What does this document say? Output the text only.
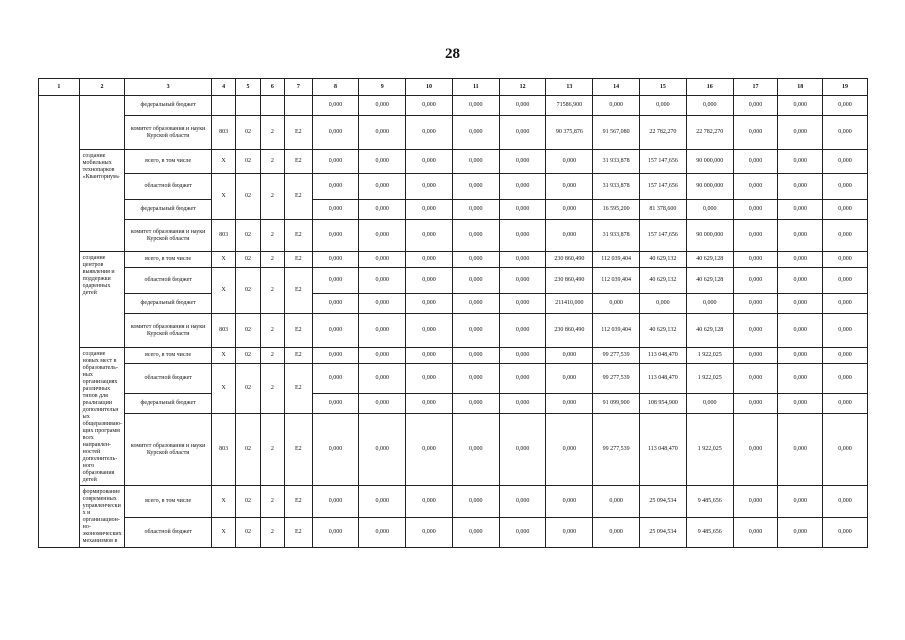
28
1	2	3	4	5	6	7	8	9	10	11	12	13	14	15	16	17	18	19
		федеральный бюджет					0,000	0,000	0,000	0,000	0,000	71586,900	0,000	0,000	0,000	0,000	0,000	0,000
		комитет образования и науки Курской области	803	02	2	E2	0,000	0,000	0,000	0,000	0,000	90 375,876	91 567,080	22 782,270	22 782,270	0,000	0,000	0,000
	создание мобильных технопарков «Кванториум»	всего, в том числе	X	02	2	E2	0,000	0,000	0,000	0,000	0,000	0,000	31 933,878	157 147,656	90 000,000	0,000	0,000	0,000
		областной бюджет	X	02	2	E2	0,000	0,000	0,000	0,000	0,000	0,000	31 933,878	157 147,656	90 000,000	0,000	0,000	0,000
		федеральный бюджет					0,000	0,000	0,000	0,000	0,000	0,000	16 595,200	81 378,600	0,000	0,000	0,000	0,000
		комитет образования и науки Курской области	803	02	2	E2	0,000	0,000	0,000	0,000	0,000	0,000	31 933,878	157 147,656	90 000,000	0,000	0,000	0,000
	создание центров выявления и поддержки одаренных детей	всего, в том числе	X	02	2	E2	0,000	0,000	0,000	0,000	0,000	230 860,490	112 039,404	40 629,132	40 629,128	0,000	0,000	0,000
		областной бюджет	X	02	2	E2	0,000	0,000	0,000	0,000	0,000	230 860,490	112 039,404	40 629,132	40 629,128	0,000	0,000	0,000
		федеральный бюджет					0,000	0,000	0,000	0,000	0,000	211410,000	0,000	0,000	0,000	0,000	0,000	0,000
		комитет образования и науки Курской области	803	02	2	E2	0,000	0,000	0,000	0,000	0,000	230 860,490	112 039,404	40 629,132	40 629,128	0,000	0,000	0,000
	создание новых мест в образователь-ных организациях различных типов для реализации дополнительных общеразвиваю-щих программ всех направлен-ностей дополнитель-ного образования детей	всего, в том числе	X	02	2	E2	0,000	0,000	0,000	0,000	0,000	0,000	99 277,539	113 048,470	1 922,025	0,000	0,000	0,000
		областной бюджет	X	02	2	E2	0,000	0,000	0,000	0,000	0,000	0,000	99 277,539	113 048,470	1 922,025	0,000	0,000	0,000
		федеральный бюджет					0,000	0,000	0,000	0,000	0,000	0,000	91 099,900	108 954,900	0,000	0,000	0,000	0,000
		комитет образования и науки Курской области	803	02	2	E2	0,000	0,000	0,000	0,000	0,000	0,000	99 277,539	113 048,470	1 922,025	0,000	0,000	0,000
	формирование современных управленческих и организацион-но-экономических механизмов в	всего, в том числе	X	02	2	E2	0,000	0,000	0,000	0,000	0,000	0,000	0,000	25 094,534	9 485,656	0,000	0,000	0,000
		областной бюджет	X	02	2	E2	0,000	0,000	0,000	0,000	0,000	0,000	0,000	25 094,534	9 485,656	0,000	0,000	0,000
